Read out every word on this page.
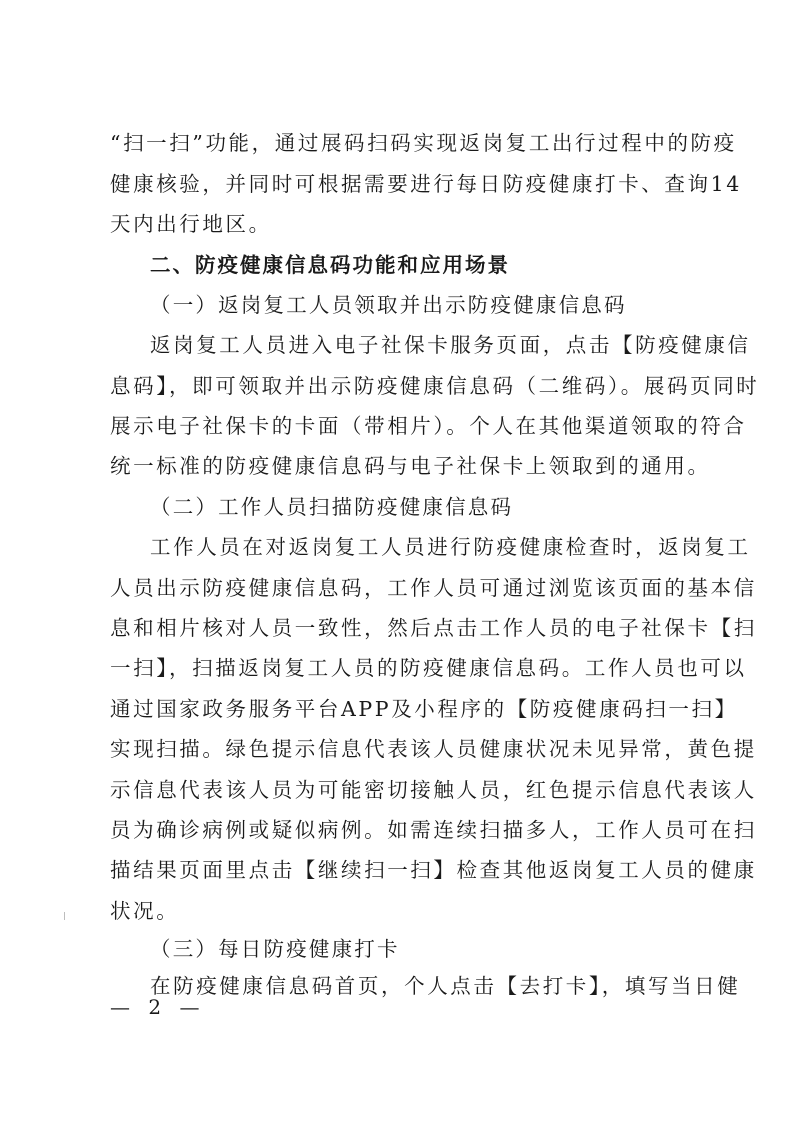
“扫一扫”功能，通过展码扫码实现返岗复工出行过程中的防疫
健康核验，并同时可根据需要进行每日防疫健康打卡、查询14
天内出行地区。
二、防疫健康信息码功能和应用场景
（一）返岗复工人员领取并出示防疫健康信息码
返岗复工人员进入电子社保卡服务页面，点击【防疫健康信
息码】，即可领取并出示防疫健康信息码（二维码）。展码页同时
展示电子社保卡的卡面（带相片）。个人在其他渠道领取的符合
统一标准的防疫健康信息码与电子社保卡上领取到的通用。
（二）工作人员扫描防疫健康信息码
工作人员在对返岗复工人员进行防疫健康检查时，返岗复工
人员出示防疫健康信息码，工作人员可通过浏览该页面的基本信
息和相片核对人员一致性，然后点击工作人员的电子社保卡【扫
一扫】，扫描返岗复工人员的防疫健康信息码。工作人员也可以
通过国家政务服务平台APP及小程序的【防疫健康码扫一扫】
实现扫描。绿色提示信息代表该人员健康状况未见异常，黄色提
示信息代表该人员为可能密切接触人员，红色提示信息代表该人
员为确诊病例或疑似病例。如需连续扫描多人，工作人员可在扫
描结果页面里点击【继续扫一扫】检查其他返岗复工人员的健康
状况。
（三）每日防疫健康打卡
在防疫健康信息码首页，个人点击【去打卡】，填写当日健
— 2 —
